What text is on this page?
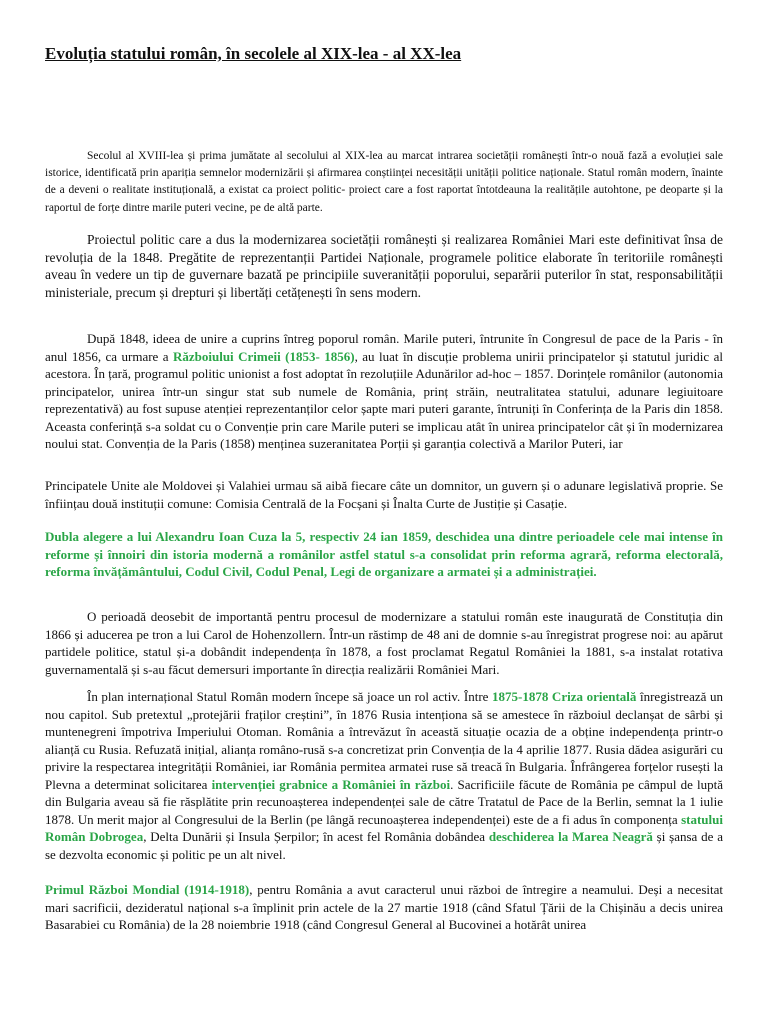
Evoluția statului român, în secolele al XIX-lea - al XX-lea

Secolul al XVIII-lea și prima jumătate al secolului al XIX-lea au marcat intrarea societății românești într-o nouă fază a evoluției sale istorice, identificată prin apariția semnelor modernizării și afirmarea conștiinței necesității unității politice naționale. Statul român modern, înainte de a deveni o realitate instituțională, a existat ca proiect politic- proiect care a fost raportat întotdeauna la realitățile autohtone, pe deoparte și la raportul de forțe dintre marile puteri vecine, pe de altă parte.

Proiectul politic care a dus la modernizarea societății românești și realizarea României Mari este definitivat însa de revoluția de la 1848. Pregătite de reprezentanții Partidei Naționale, programele politice elaborate în teritoriile românești aveau în vedere un tip de guvernare bazată pe principiile suveranității poporului, separării puterilor în stat, responsabilității ministeriale, precum și drepturi și libertăți cetățenești în sens modern.

După 1848, ideea de unire a cuprins întreg poporul român. Marile puteri, întrunite în Congresul de pace de la Paris - în anul 1856, ca urmare a Războiului Crimeii (1853- 1856), au luat în discuție problema unirii principatelor și statutul juridic al acestora. În țară, programul politic unionist a fost adoptat în rezoluțiile Adunărilor ad-hoc – 1857. Dorințele românilor (autonomia principatelor, unirea într-un singur stat sub numele de România, prinț străin, neutralitatea statului, adunare legiuitoare reprezentativă) au fost supuse atenției reprezentanților celor șapte mari puteri garante, întruniți în Conferința de la Paris din 1858. Aceasta conferință s-a soldat cu o Convenție prin care Marile puteri se implicau atât în unirea principatelor cât și în modernizarea noului stat. Convenția de la Paris (1858) menținea suzeranitatea Porții și garanția colectivă a Marilor Puteri, iar

Principatele Unite ale Moldovei și Valahiei urmau să aibă fiecare câte un domnitor, un guvern și o adunare legislativă proprie. Se înființau două instituții comune: Comisia Centrală de la Focșani și Înalta Curte de Justiție și Casație.

Dubla alegere a lui Alexandru Ioan Cuza la 5, respectiv 24 ian 1859, deschidea una dintre perioadele cele mai intense în reforme și înnoiri din istoria modernă a românilor astfel statul s-a consolidat prin reforma agrară, reforma electorală, reforma învățământului, Codul Civil, Codul Penal, Legi de organizare a armatei și a administrației.

O perioadă deosebit de importantă pentru procesul de modernizare a statului român este inaugurată de Constituția din 1866 și aducerea pe tron a lui Carol de Hohenzollern. Într-un răstimp de 48 ani de domnie s-au înregistrat progrese noi: au apărut partidele politice, statul și-a dobândit independența în 1878, a fost proclamat Regatul României la 1881, s-a instalat rotativa guvernamentală și s-au făcut demersuri importante în direcția realizării României Mari.

În plan internațional Statul Român modern începe să joace un rol activ. Între 1875-1878 Criza orientală înregistrează un nou capitol. Sub pretextul „protejării fraților creștini”, în 1876 Rusia intenționa să se amestece în războiul declanșat de sârbi și muntenegreni împotriva Imperiului Otoman. România a întrevăzut în această situație ocazia de a obține independența printr-o alianță cu Rusia. Refuzată inițial, alianța româno-rusă s-a concretizat prin Convenția de la 4 aprilie 1877. Rusia dădea asigurări cu privire la respectarea integrității României, iar România permitea armatei ruse să treacă în Bulgaria. Înfrângerea forțelor rusești la Plevna a determinat solicitarea intervenției grabnice a României în război. Sacrificiile făcute de România pe câmpul de luptă din Bulgaria aveau să fie răsplătite prin recunoașterea independenței sale de către Tratatul de Pace de la Berlin, semnat la 1 iulie 1878. Un merit major al Congresului de la Berlin (pe lângă recunoașterea independenței) este de a fi adus în componența statului Român Dobrogea, Delta Dunării și Insula Șerpilor; în acest fel România dobândea deschiderea la Marea Neagră și șansa de a se dezvolta economic și politic pe un alt nivel.

Primul Război Mondial (1914-1918), pentru România a avut caracterul unui război de întregire a neamului. Deși a necesitat mari sacrificii, dezideratul național s-a împlinit prin actele de la 27 martie 1918 (când Sfatul Țării de la Chișinău a decis unirea Basarabiei cu România) de la 28 noiembrie 1918 (când Congresul General al Bucovinei a hotărât unirea
